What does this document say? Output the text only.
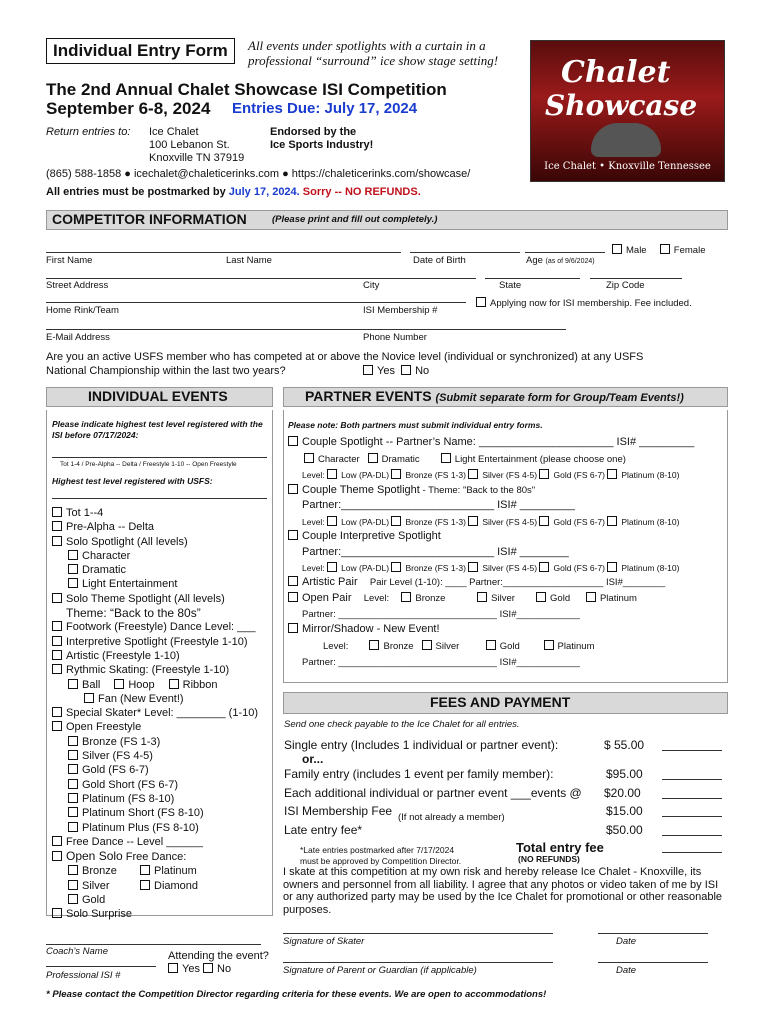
Individual Entry Form	All events under spotlights with a curtain in a professional “surround” ice show stage setting!	Chalet
Showcase
Ice Chalet • Knoxville Tennessee
The 2nd Annual Chalet Showcase ISI Competition
September 6-8, 2024 Entries Due: July 17, 2024
Return entries to: Ice Chalet
100 Lebanon St.
Knoxville TN 37919
Endorsed by the
Ice Sports Industry!
(865) 588-1858 ● icechalet@chaleticerinks.com ● https://chaleticerinks.com/showcase/
All entries must be postmarked by July 17, 2024. Sorry -- NO REFUNDS.
COMPETITOR INFORMATION	(Please print and fill out completely.)
First Name	Last Name	Date of Birth	Age (as of 9/6/2024)
Male	Female
Street Address	City	State	Zip Code
Home Rink/Team	ISI Membership #
Applying now for ISI membership. Fee included.
E-Mail Address	Phone Number
Are you an active USFS member who has competed at or above the Novice level (individual or synchronized) at any USFS
National Championship within the last two years?	Yes No
INDIVIDUAL EVENTS
Please indicate highest test level registered with the ISI before 07/17/2024:
Tot 1-4 / Pre-Alpha -- Delta / Freestyle 1-10 -- Open Freestyle
Highest test level registered with USFS:
Tot 1--4
Pre-Alpha -- Delta
Solo Spotlight (All levels)
Character
Dramatic
Light Entertainment
Solo Theme Spotlight (All levels)
Theme: “Back to the 80s”
Footwork (Freestyle) Dance Level: ___
Interpretive Spotlight (Freestyle 1-10)
Artistic (Freestyle 1-10)
Rythmic Skating: (Freestyle 1-10)
Ball	Hoop	Ribbon
Fan (New Event!)
Special Skater* Level: ________ (1-10)
Open Freestyle
Bronze (FS 1-3)
Silver (FS 4-5)
Gold (FS 6-7)
Gold Short (FS 6-7)
Platinum (FS 8-10)
Platinum Short (FS 8-10)
Platinum Plus (FS 8-10)
Free Dance -- Level ______
Open Solo Free Dance:
Bronze	Platinum
Silver	Diamond
Gold
Solo Surprise
PARTNER EVENTS (Submit separate form for Group/Team Events!)
Please note: Both partners must submit individual entry forms.
Couple Spotlight -- Partner’s Name: ______________________ ISI# _________
Character Dramatic	Light Entertainment (please choose one)
Level: Low (PA-DL) Bronze (FS 1-3) Silver (FS 4-5) Gold (FS 6-7) Platinum (8-10)
Couple Theme Spotlight - Theme: "Back to the 80s"
Partner:_________________________ ISI# _________
Level: Low (PA-DL) Bronze (FS 1-3) Silver (FS 4-5) Gold (FS 6-7) Platinum (8-10)
Couple Interpretive Spotlight
Partner:_________________________ ISI# ________
Level: Low (PA-DL) Bronze (FS 1-3) Silver (FS 4-5) Gold (FS 6-7) Platinum (8-10)
Artistic Pair Pair Level (1-10): ____ Partner:___________________ ISI#________
Open Pair Level:	Bronze	Silver	Gold	Platinum
Partner: ______________________________ ISI#____________
Mirror/Shadow - New Event!
Level:	Bronze Silver	Gold	Platinum
Partner: ______________________________ ISI#____________
FEES AND PAYMENT
Send one check payable to the Ice Chalet for all entries.
Single entry (Includes 1 individual or partner event):	$ 55.00
or...
Family entry (includes 1 event per family member):	$95.00
Each additional individual or partner event ___events @ $20.00
ISI Membership Fee (If not already a member)	$15.00
Late entry fee*	$50.00
*Late entries postmarked after 7/17/2024
must be approved by Competition Director.
Total entry fee
(NO REFUNDS)
I skate at this competition at my own risk and hereby release Ice Chalet - Knoxville, its owners and personnel from all liability. I agree that any photos or video taken of me by ISI or any authorized party may be used by the Ice Chalet for promotional or other reasonable purposes.
Coach's Name
Professional ISI #
Attending the event?
Yes No
Signature of Skater	Date
Signature of Parent or Guardian (if applicable)	Date
* Please contact the Competition Director regarding criteria for these events. We are open to accommodations!
